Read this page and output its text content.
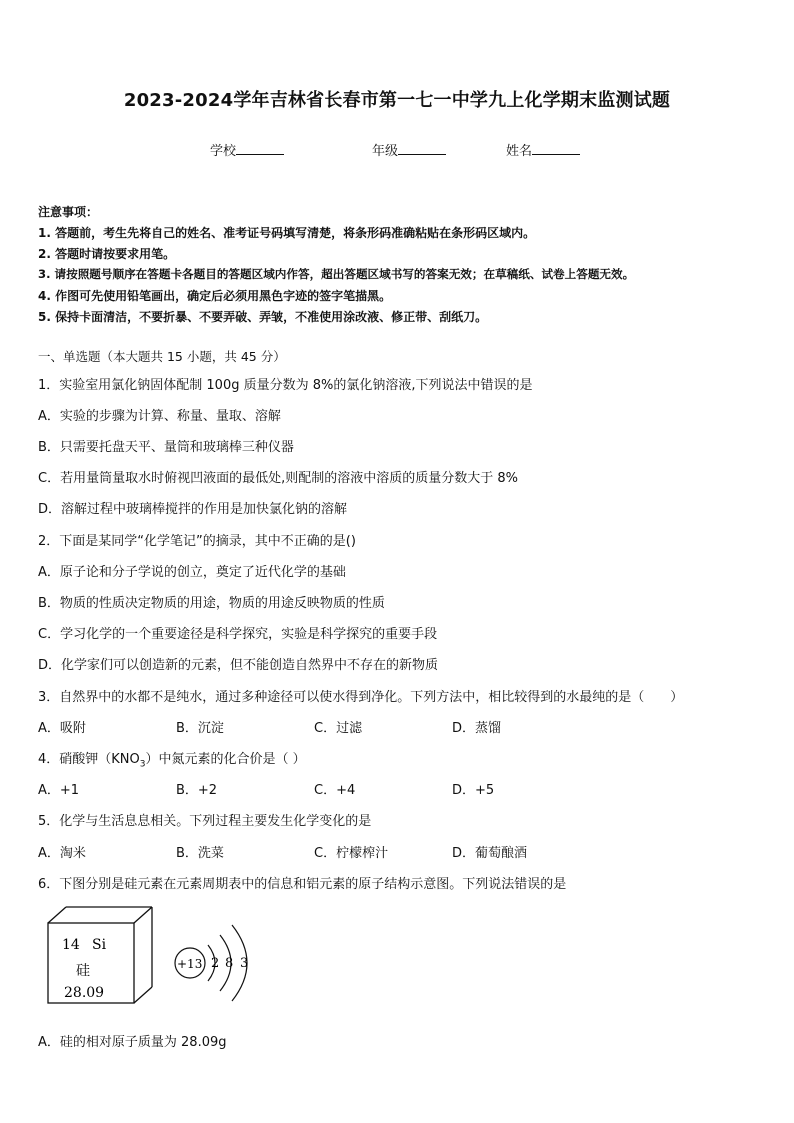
2023-2024学年吉林省长春市第一七一中学九上化学期末监测试题
学校	年级	姓名
注意事项：
1. 答题前，考生先将自己的姓名、准考证号码填写清楚，将条形码准确粘贴在条形码区域内。
2. 答题时请按要求用笔。
3. 请按照题号顺序在答题卡各题目的答题区域内作答，超出答题区域书写的答案无效；在草稿纸、试卷上答题无效。
4. 作图可先使用铅笔画出，确定后必须用黑色字迹的签字笔描黑。
5. 保持卡面清洁，不要折暴、不要弄破、弄皱，不准使用涂改液、修正带、刮纸刀。
一、单选题（本大题共 15 小题，共 45 分）
1．实验室用氯化钠固体配制 100g 质量分数为 8%的氯化钠溶液,下列说法中错误的是
A．实验的步骤为计算、称量、量取、溶解
B．只需要托盘天平、量筒和玻璃棒三种仪器
C．若用量筒量取水时俯视凹液面的最低处,则配制的溶液中溶质的质量分数大于 8%
D．溶解过程中玻璃棒搅拌的作用是加快氯化钠的溶解
2．下面是某同学“化学笔记”的摘录，其中不正确的是()
A．原子论和分子学说的创立，奠定了近代化学的基础
B．物质的性质决定物质的用途，物质的用途反映物质的性质
C．学习化学的一个重要途径是科学探究，实验是科学探究的重要手段
D．化学家们可以创造新的元素，但不能创造自然界中不存在的新物质
3．自然界中的水都不是纯水，通过多种途径可以使水得到净化。下列方法中，相比较得到的水最纯的是（　　）
A．吸附	B．沉淀	C．过滤	D．蒸馏
4．硝酸钾$(KNO_3)$中氮元素的化合价是（ ）
A．+1	B．+2	C．+4	D．+5
5．化学与生活息息相关。下列过程主要发生化学变化的是
A．淘米	B．洗菜	C．柠檬榨汁	D．葡萄酿酒
6．下图分别是硅元素在元素周期表中的信息和铝元素的原子结构示意图。下列说法错误的是
14 Si
硅
28.09
+13 2 8 3
A．硅的相对原子质量为 28.09g
